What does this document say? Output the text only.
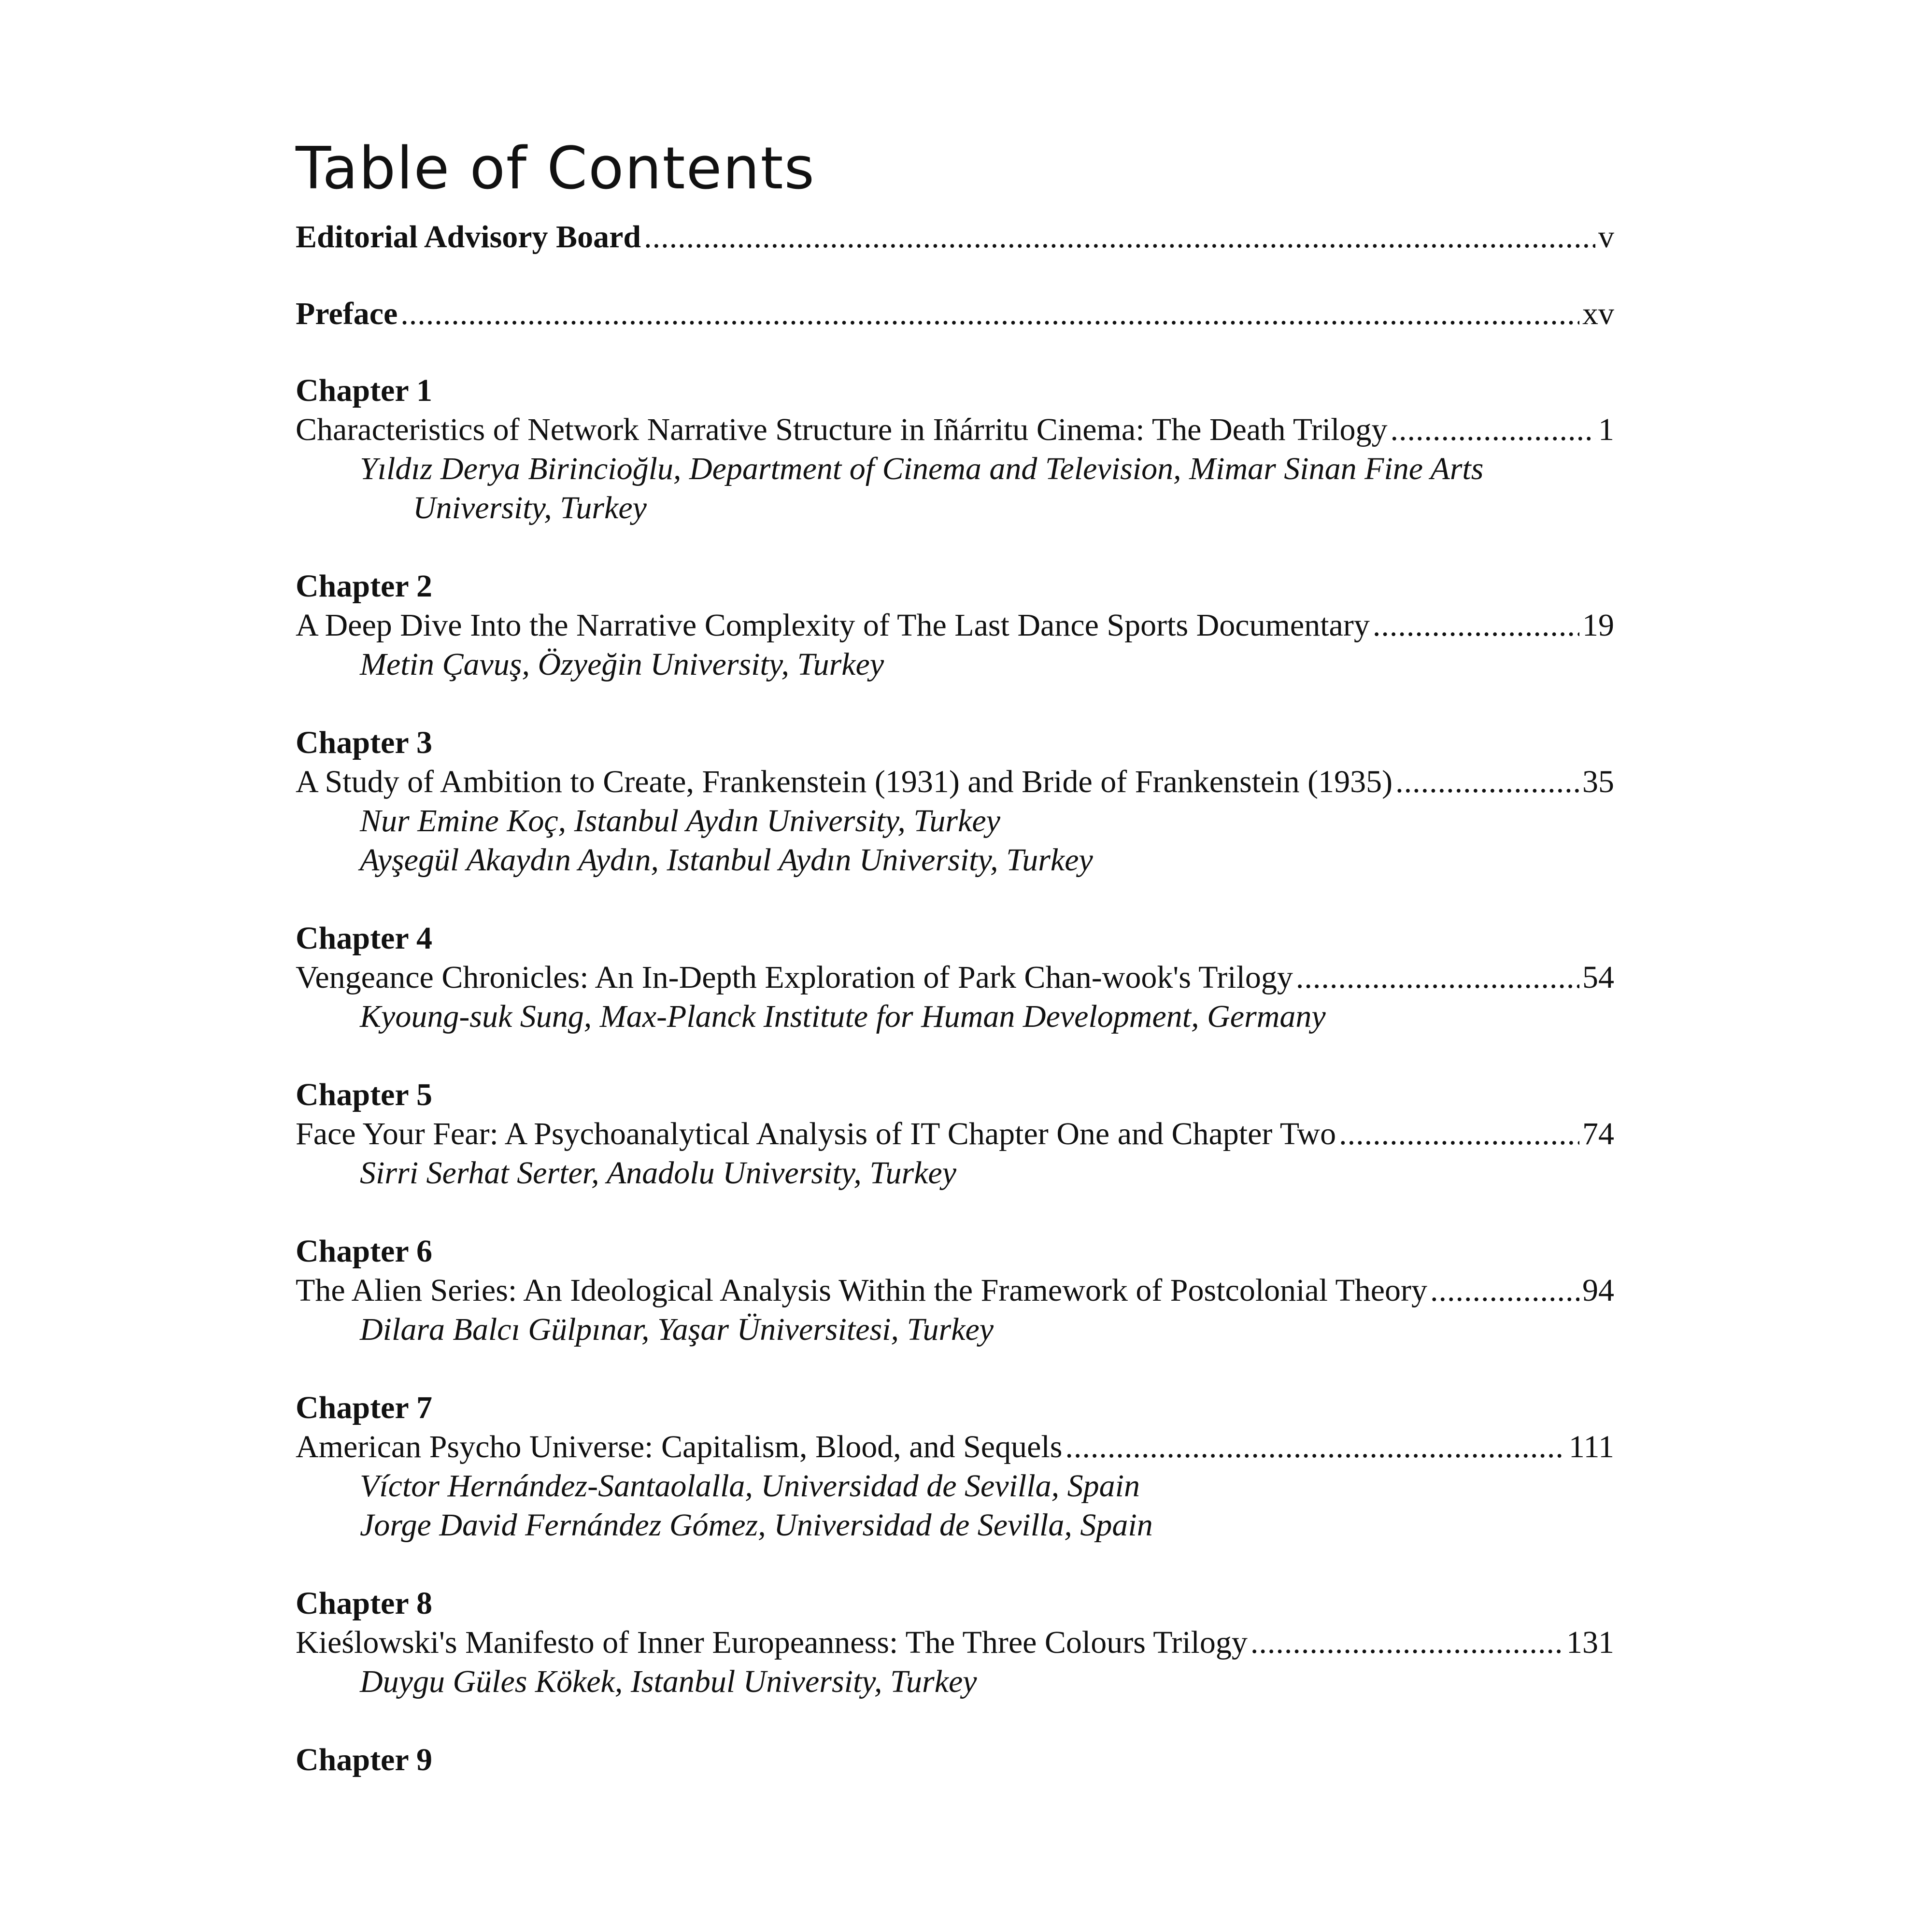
Table of Contents
Editorial Advisory Board .....	v
Preface .....	xv
Chapter 1
Characteristics of Network Narrative Structure in Iñárritu Cinema: The Death Trilogy .....	1
Yıldız Derya Birincioğlu, Department of Cinema and Television, Mimar Sinan Fine Arts
University, Turkey
Chapter 2
A Deep Dive Into the Narrative Complexity of The Last Dance Sports Documentary .....	19
Metin Çavuş, Özyeğin University, Turkey
Chapter 3
A Study of Ambition to Create, Frankenstein (1931) and Bride of Frankenstein (1935) .....	35
Nur Emine Koç, Istanbul Aydın University, Turkey
Ayşegül Akaydın Aydın, Istanbul Aydın University, Turkey
Chapter 4
Vengeance Chronicles: An In-Depth Exploration of Park Chan-wook's Trilogy .....	54
Kyoung-suk Sung, Max-Planck Institute for Human Development, Germany
Chapter 5
Face Your Fear: A Psychoanalytical Analysis of IT Chapter One and Chapter Two .....	74
Sirri Serhat Serter, Anadolu University, Turkey
Chapter 6
The Alien Series: An Ideological Analysis Within the Framework of Postcolonial Theory .....	94
Dilara Balcı Gülpınar, Yaşar Üniversitesi, Turkey
Chapter 7
American Psycho Universe: Capitalism, Blood, and Sequels .....	111
Víctor Hernández-Santaolalla, Universidad de Sevilla, Spain
Jorge David Fernández Gómez, Universidad de Sevilla, Spain
Chapter 8
Kieślowski's Manifesto of Inner Europeanness: The Three Colours Trilogy .....	131
Duygu Güles Kökek, Istanbul University, Turkey
Chapter 9
